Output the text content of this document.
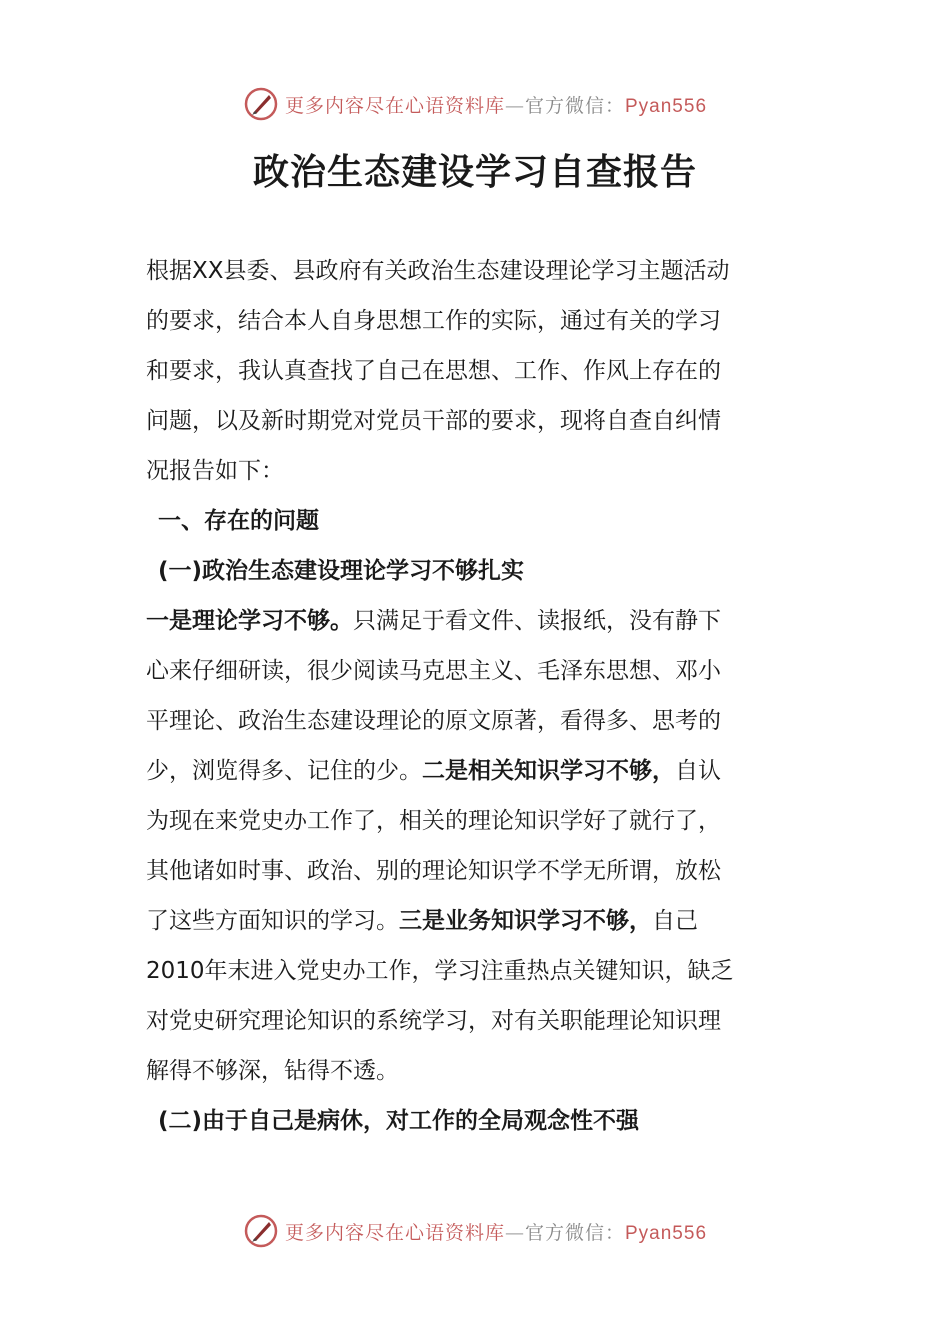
更多内容尽在心语资料库—官方微信：Pyan556
政治生态建设学习自查报告
根据XX县委、县政府有关政治生态建设理论学习主题活动
的要求，结合本人自身思想工作的实际，通过有关的学习
和要求，我认真查找了自己在思想、工作、作风上存在的
问题，以及新时期党对党员干部的要求，现将自查自纠情
况报告如下：
一、存在的问题
(一)政治生态建设理论学习不够扎实
一是理论学习不够。只满足于看文件、读报纸，没有静下
心来仔细研读，很少阅读马克思主义、毛泽东思想、邓小
平理论、政治生态建设理论的原文原著，看得多、思考的
少，浏览得多、记住的少。二是相关知识学习不够，自认
为现在来党史办工作了，相关的理论知识学好了就行了，
其他诸如时事、政治、别的理论知识学不学无所谓，放松
了这些方面知识的学习。三是业务知识学习不够，自己
2010年末进入党史办工作，学习注重热点关键知识，缺乏
对党史研究理论知识的系统学习，对有关职能理论知识理
解得不够深，钻得不透。
(二)由于自己是病休，对工作的全局观念性不强
更多内容尽在心语资料库—官方微信：Pyan556
